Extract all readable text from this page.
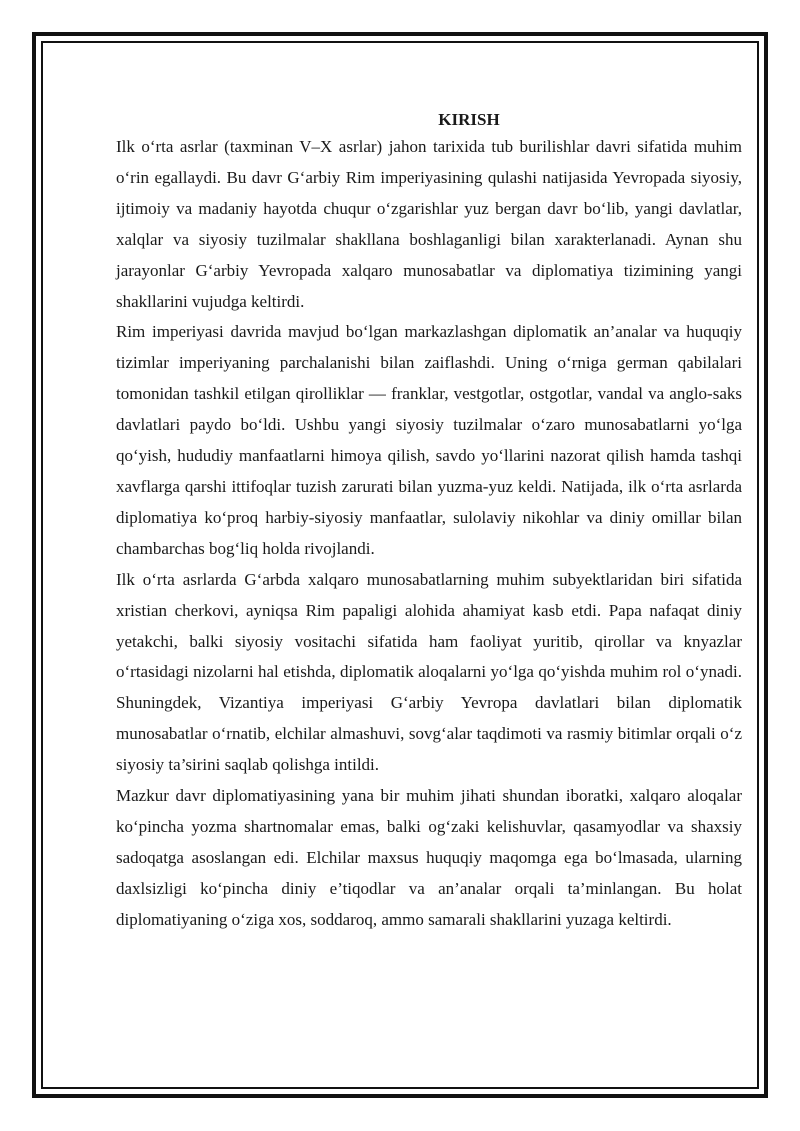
KIRISH

Ilk o‘rta asrlar (taxminan V–X asrlar) jahon tarixida tub burilishlar davri sifatida muhim o‘rin egallaydi. Bu davr G‘arbiy Rim imperiyasining qulashi natijasida Yevropada siyosiy, ijtimoiy va madaniy hayotda chuqur o‘zgarishlar yuz bergan davr bo‘lib, yangi davlatlar, xalqlar va siyosiy tuzilmalar shakllana boshlaganligi bilan xarakterlanadi. Aynan shu jarayonlar G‘arbiy Yevropada xalqaro munosabatlar va diplomatiya tizimining yangi shakllarini vujudga keltirdi.

Rim imperiyasi davrida mavjud bo‘lgan markazlashgan diplomatik an’analar va huquqiy tizimlar imperiyaning parchalanishi bilan zaiflashdi. Uning o‘rniga german qabilalari tomonidan tashkil etilgan qirolliklar — franklar, vestgotlar, ostgotlar, vandal va anglo-saks davlatlari paydo bo‘ldi. Ushbu yangi siyosiy tuzilmalar o‘zaro munosabatlarni yo‘lga qo‘yish, hududiy manfaatlarni himoya qilish, savdo yo‘llarini nazorat qilish hamda tashqi xavflarga qarshi ittifoqlar tuzish zarurati bilan yuzma-yuz keldi. Natijada, ilk o‘rta asrlarda diplomatiya ko‘proq harbiy-siyosiy manfaatlar, sulolaviy nikohlar va diniy omillar bilan chambarchas bog‘liq holda rivojlandi.

Ilk o‘rta asrlarda G‘arbda xalqaro munosabatlarning muhim subyektlaridan biri sifatida xristian cherkovi, ayniqsa Rim papaligi alohida ahamiyat kasb etdi. Papa nafaqat diniy yetakchi, balki siyosiy vositachi sifatida ham faoliyat yuritib, qirollar va knyazlar o‘rtasidagi nizolarni hal etishda, diplomatik aloqalarni yo‘lga qo‘yishda muhim rol o‘ynadi. Shuningdek, Vizantiya imperiyasi G‘arbiy Yevropa davlatlari bilan diplomatik munosabatlar o‘rnatib, elchilar almashuvi, sovg‘alar taqdimoti va rasmiy bitimlar orqali o‘z siyosiy ta’sirini saqlab qolishga intildi.

Mazkur davr diplomatiyasining yana bir muhim jihati shundan iboratki, xalqaro aloqalar ko‘pincha yozma shartnomalar emas, balki og‘zaki kelishuvlar, qasamyodlar va shaxsiy sadoqatga asoslangan edi. Elchilar maxsus huquqiy maqomga ega bo‘lmasada, ularning daxlsizligi ko‘pincha diniy e’tiqodlar va an’analar orqali ta’minlangan. Bu holat diplomatiyaning o‘ziga xos, soddaroq, ammo samarali shakllarini yuzaga keltirdi.
